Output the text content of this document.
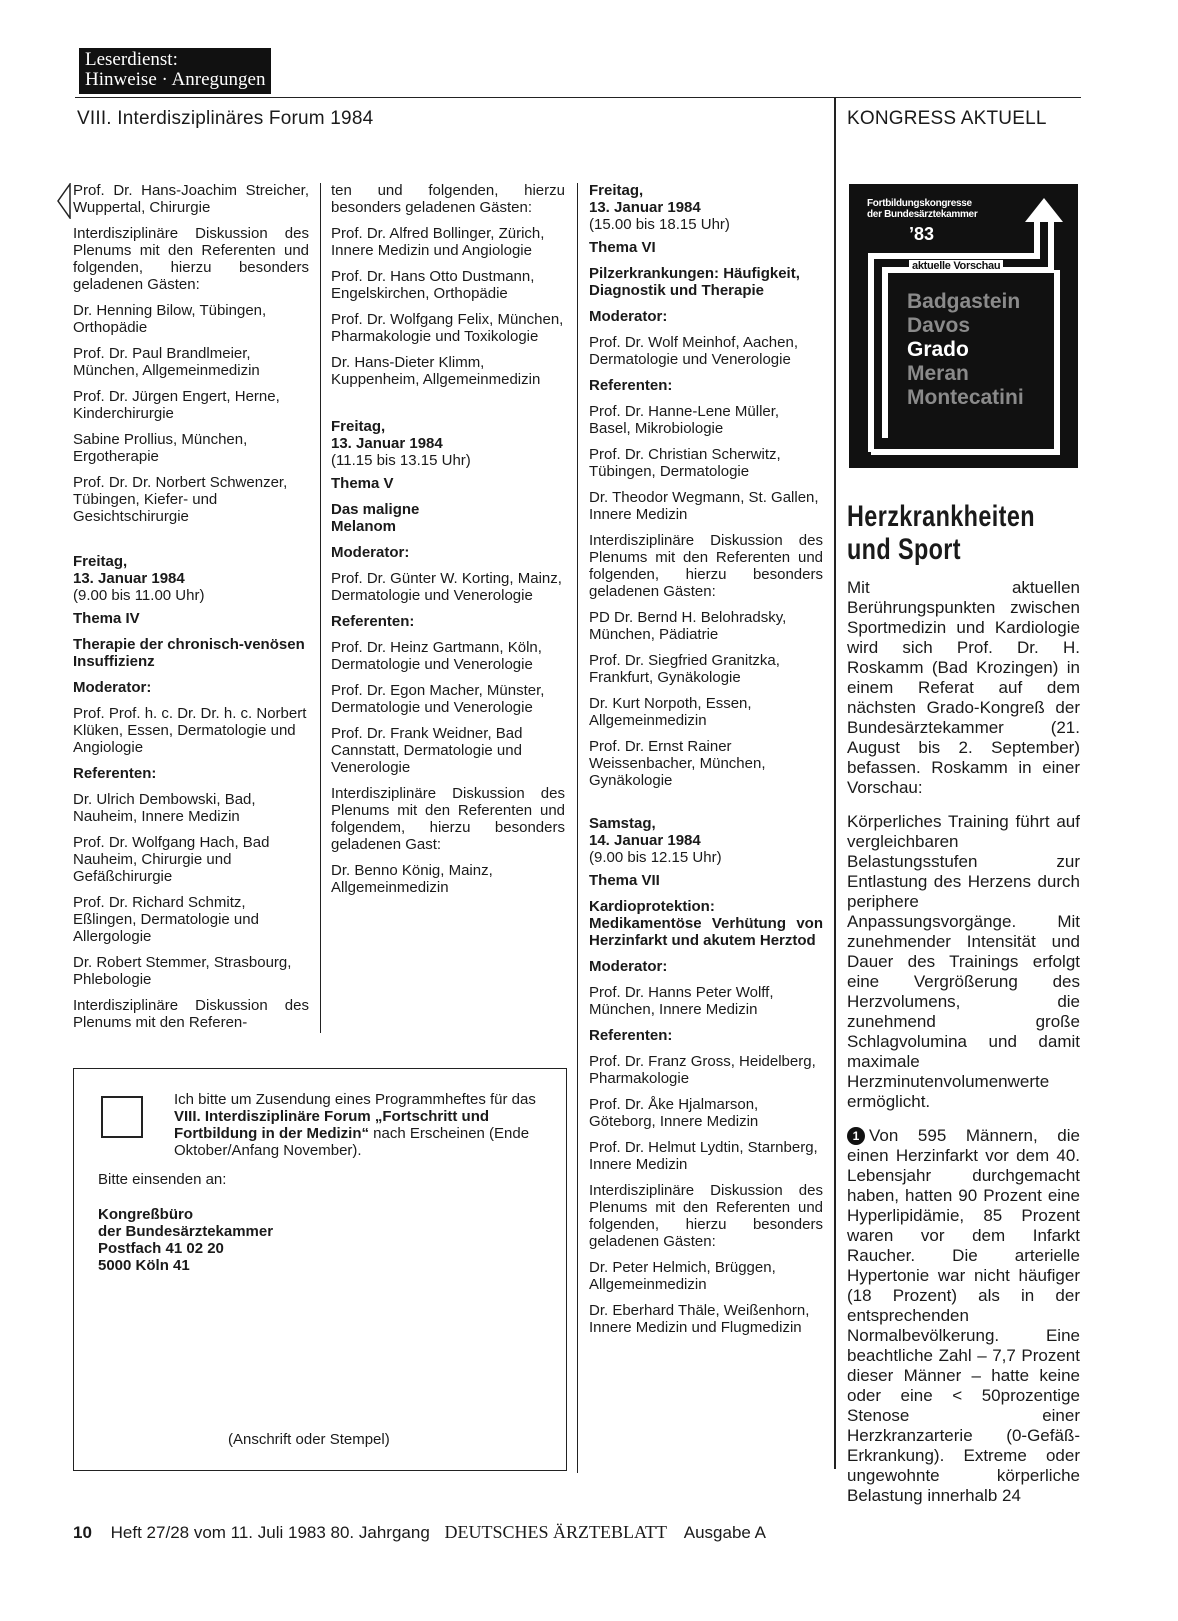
Leserdienst:
Hinweise · Anregungen
VIII. Interdisziplinäres Forum 1984	KONGRESS AKTUELL

Prof. Dr. Hans-Joachim Streicher, Wuppertal, Chirurgie

Interdisziplinäre Diskussion des Plenums mit den Referenten und folgenden, hierzu besonders geladenen Gästen:

Dr. Henning Bilow, Tübingen, Orthopädie

Prof. Dr. Paul Brandlmeier, München, Allgemeinmedizin

Prof. Dr. Jürgen Engert, Herne, Kinderchirurgie

Sabine Prollius, München, Ergotherapie

Prof. Dr. Dr. Norbert Schwenzer, Tübingen, Kiefer- und Gesichtschirurgie

Freitag,
13. Januar 1984
(9.00 bis 11.00 Uhr)

Thema IV

Therapie der chronisch-venösen Insuffizienz

Moderator:

Prof. Prof. h. c. Dr. Dr. h. c. Norbert Klüken, Essen, Dermatologie und Angiologie

Referenten:

Dr. Ulrich Dembowski, Bad, Nauheim, Innere Medizin

Prof. Dr. Wolfgang Hach, Bad Nauheim, Chirurgie und Gefäßchirurgie

Prof. Dr. Richard Schmitz, Eßlingen, Dermatologie und Allergologie

Dr. Robert Stemmer, Strasbourg, Phlebologie

Interdisziplinäre Diskussion des Plenums mit den Referen-

ten und folgenden, hierzu besonders geladenen Gästen:

Prof. Dr. Alfred Bollinger, Zürich, Innere Medizin und Angiologie

Prof. Dr. Hans Otto Dustmann, Engelskirchen, Orthopädie

Prof. Dr. Wolfgang Felix, München, Pharmakologie und Toxikologie

Dr. Hans-Dieter Klimm, Kuppenheim, Allgemeinmedizin

Freitag,
13. Januar 1984
(11.15 bis 13.15 Uhr)

Thema V

Das maligne Melanom

Moderator:

Prof. Dr. Günter W. Korting, Mainz, Dermatologie und Venerologie

Referenten:

Prof. Dr. Heinz Gartmann, Köln, Dermatologie und Venerologie

Prof. Dr. Egon Macher, Münster, Dermatologie und Venerologie

Prof. Dr. Frank Weidner, Bad Cannstatt, Dermatologie und Venerologie

Interdisziplinäre Diskussion des Plenums mit den Referenten und folgendem, hierzu besonders geladenen Gast:

Dr. Benno König, Mainz, Allgemeinmedizin

Freitag,
13. Januar 1984
(15.00 bis 18.15 Uhr)

Thema VI

Pilzerkrankungen: Häufigkeit, Diagnostik und Therapie

Moderator:

Prof. Dr. Wolf Meinhof, Aachen, Dermatologie und Venerologie

Referenten:

Prof. Dr. Hanne-Lene Müller, Basel, Mikrobiologie

Prof. Dr. Christian Scherwitz, Tübingen, Dermatologie

Dr. Theodor Wegmann, St. Gallen, Innere Medizin

Interdisziplinäre Diskussion des Plenums mit den Referenten und folgenden, hierzu besonders geladenen Gästen:

PD Dr. Bernd H. Belohradsky, München, Pädiatrie

Prof. Dr. Siegfried Granitzka, Frankfurt, Gynäkologie

Dr. Kurt Norpoth, Essen, Allgemeinmedizin

Prof. Dr. Ernst Rainer Weissenbacher, München, Gynäkologie

Samstag,
14. Januar 1984
(9.00 bis 12.15 Uhr)

Thema VII

Kardioprotektion: Medikamentöse Verhütung von Herzinfarkt und akutem Herztod

Moderator:

Prof. Dr. Hanns Peter Wolff, München, Innere Medizin

Referenten:

Prof. Dr. Franz Gross, Heidelberg, Pharmakologie

Prof. Dr. Åke Hjalmarson, Göteborg, Innere Medizin

Prof. Dr. Helmut Lydtin, Starnberg, Innere Medizin

Interdisziplinäre Diskussion des Plenums mit den Referenten und folgenden, hierzu besonders geladenen Gästen:

Dr. Peter Helmich, Brüggen, Allgemeinmedizin

Dr. Eberhard Thäle, Weißenhorn, Innere Medizin und Flugmedizin

Fortbildungskongresse
der Bundesärztekammer
’83
aktuelle Vorschau
Badgastein
Davos
Grado
Meran
Montecatini
Herzkrankheiten
und Sport

Mit aktuellen Berührungspunkten zwischen Sportmedizin und Kardiologie wird sich Prof. Dr. H. Roskamm (Bad Krozingen) in einem Referat auf dem nächsten Grado-Kongreß der Bundesärztekammer (21. August bis 2. September) befassen. Roskamm in einer Vorschau:

Körperliches Training führt auf vergleichbaren Belastungsstufen zur Entlastung des Herzens durch periphere Anpassungsvorgänge. Mit zunehmender Intensität und Dauer des Trainings erfolgt eine Vergrößerung des Herzvolumens, die zunehmend große Schlagvolumina und damit maximale Herzminutenvolumenwerte ermöglicht.

1 Von 595 Männern, die einen Herzinfarkt vor dem 40. Lebensjahr durchgemacht haben, hatten 90 Prozent eine Hyperlipidämie, 85 Prozent waren vor dem Infarkt Raucher. Die arterielle Hypertonie war nicht häufiger (18 Prozent) als in der entsprechenden Normalbevölkerung. Eine beachtliche Zahl – 7,7 Prozent dieser Männer – hatte keine oder eine < 50prozentige Stenose einer Herzkranzarterie (0-Gefäß-Erkrankung). Extreme oder ungewohnte körperliche Belastung innerhalb 24

Ich bitte um Zusendung eines Programmheftes für das VIII. Interdisziplinäre Forum „Fortschritt und Fortbildung in der Medizin“ nach Erscheinen (Ende Oktober/Anfang November).
Bitte einsenden an:
Kongreßbüro
der Bundesärztekammer
Postfach 41 02 20
5000 Köln 41
(Anschrift oder Stempel)
10 Heft 27/28 vom 11. Juli 1983 80. Jahrgang DEUTSCHES ÄRZTEBLATT Ausgabe A
